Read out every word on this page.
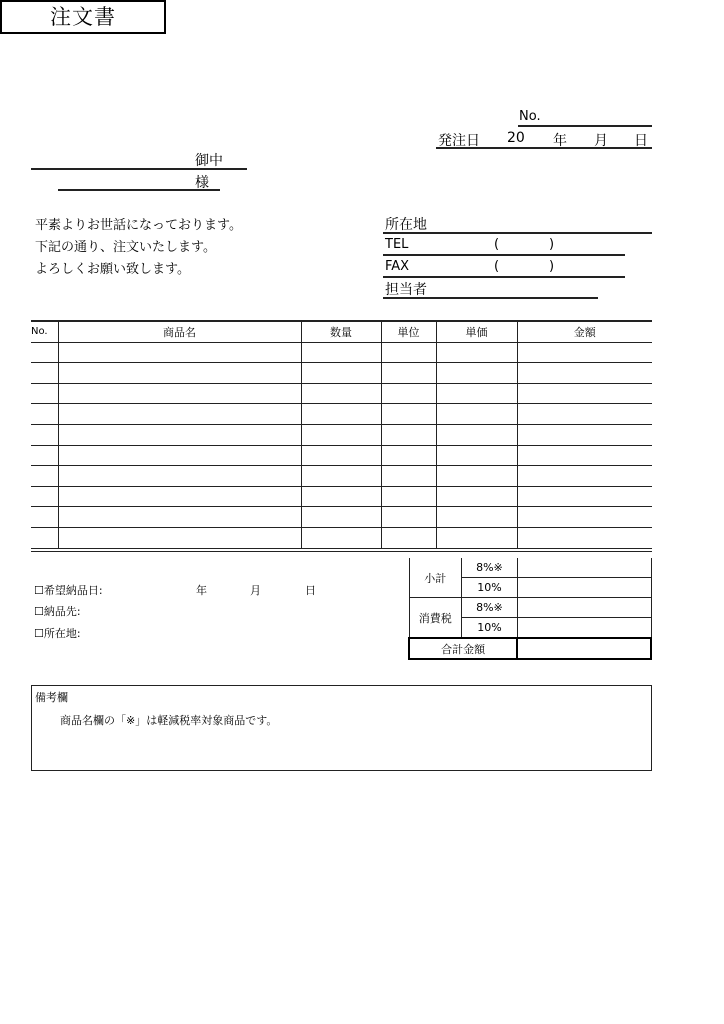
注文書
No.
発注日 20 年 月 日
御中
様
平素よりお世話になっております。
下記の通り、注文いたします。
よろしくお願い致します。
所在地
TEL	(	)
FAX	(	)
担当者
No.	商品名	数量	単位	単価	金額

☐希望納品日:	年	月	日
☐納品先:
☐所在地:
小計	8%※	
	10%	
消費税	8%※	
	10%	
合計金額		
備考欄
商品名欄の「※」は軽減税率対象商品です。
